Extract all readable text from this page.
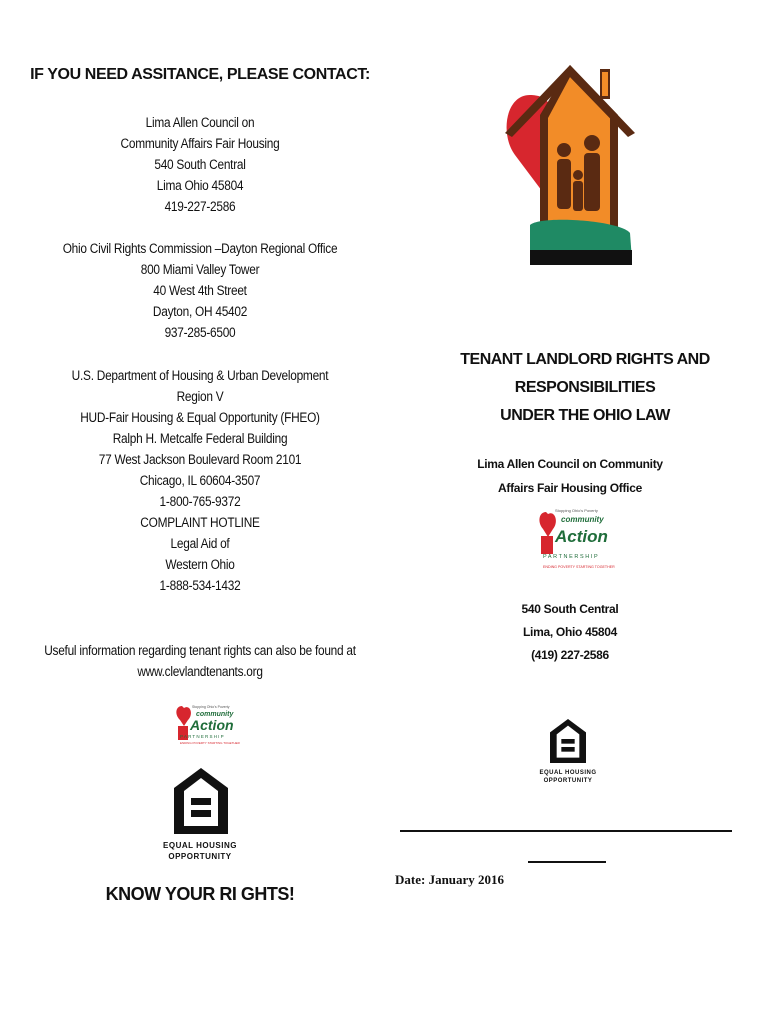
IF YOU NEED ASSITANCE, PLEASE CONTACT:
Lima Allen Council on
Community Affairs Fair Housing
540 South Central
Lima Ohio 45804
419-227-2586
Ohio Civil Rights Commission –Dayton Regional Office
800 Miami Valley Tower
40 West 4th Street
Dayton, OH 45402
937-285-6500
U.S. Department of Housing & Urban Development
Region V
HUD-Fair Housing & Equal Opportunity (FHEO)
Ralph H. Metcalfe Federal Building
77 West Jackson Boulevard Room 2101
Chicago, IL 60604-3507
1-800-765-9372
COMPLAINT HOTLINE
Legal Aid of
Western Ohio
1-888-534-1432
Useful information regarding tenant rights can also be found at
www.clevlandtenants.org
Stopping Ohio’s Poverty
community
Action
PARTNERSHIP
ENDING POVERTY STARTING TOGETHER
EQUAL HOUSING
OPPORTUNITY
KNOW YOUR RI GHTS!
TENANT LANDLORD RIGHTS AND RESPONSIBILITIES
UNDER THE OHIO LAW
Lima Allen Council on Community
Affairs Fair Housing Office
Stopping Ohio’s Poverty
community
Action
PARTNERSHIP
ENDING POVERTY STARTING TOGETHER
540 South Central
Lima, Ohio 45804
(419) 227-2586
EQUAL HOUSING
OPPORTUNITY
Date: January 2016
